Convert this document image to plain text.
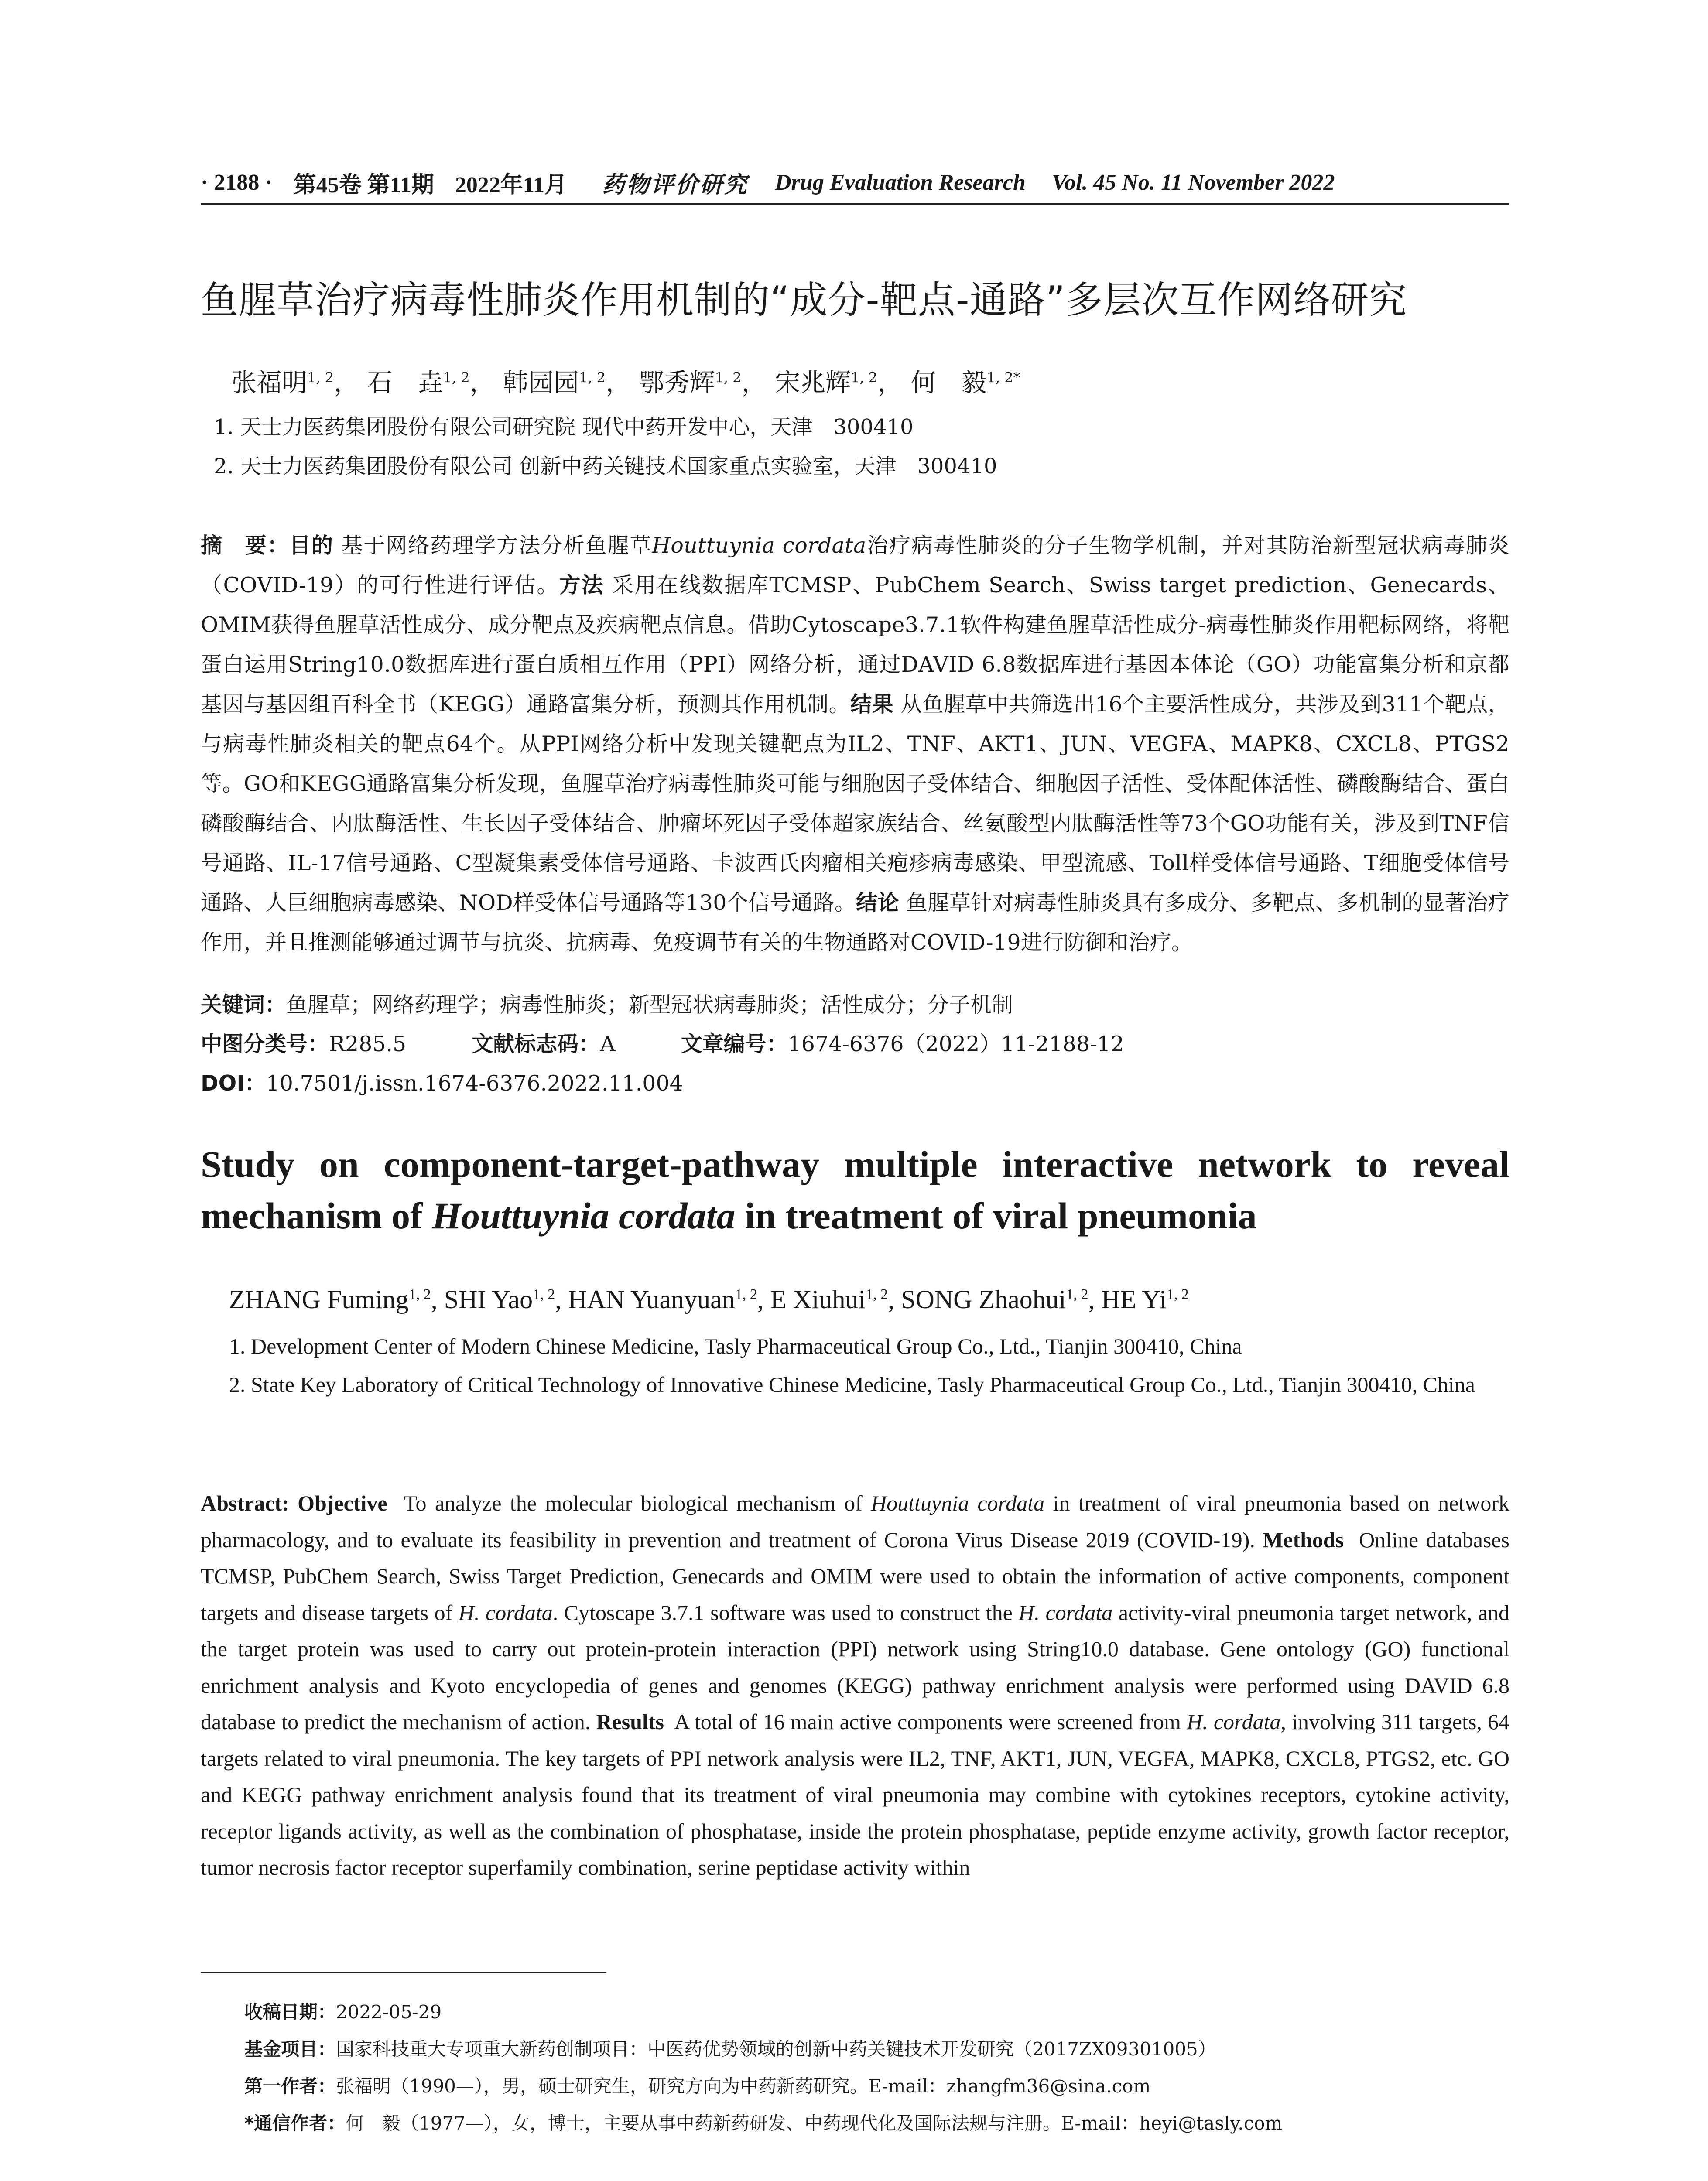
· 2188 · 第45卷 第11期 2022年11月 药物评价研究 Drug Evaluation Research Vol. 45 No. 11 November 2022
鱼腥草治疗病毒性肺炎作用机制的“成分-靶点-通路”多层次互作网络研究
张福明$^{1, 2}$， 石　垚$^{1, 2}$， 韩园园$^{1, 2}$， 鄂秀辉$^{1, 2}$， 宋兆辉$^{1, 2}$， 何　毅$^{1, 2*}$
1. 天士力医药集团股份有限公司研究院 现代中药开发中心，天津　300410
2. 天士力医药集团股份有限公司 创新中药关键技术国家重点实验室，天津　300410
摘　要：目的 基于网络药理学方法分析鱼腥草Houttuynia cordata治疗病毒性肺炎的分子生物学机制，并对其防治新型冠状病毒肺炎（COVID-19）的可行性进行评估。方法 采用在线数据库TCMSP、PubChem Search、Swiss target prediction、Genecards、OMIM获得鱼腥草活性成分、成分靶点及疾病靶点信息。借助Cytoscape3.7.1软件构建鱼腥草活性成分-病毒性肺炎作用靶标网络，将靶蛋白运用String10.0数据库进行蛋白质相互作用（PPI）网络分析，通过DAVID 6.8数据库进行基因本体论（GO）功能富集分析和京都基因与基因组百科全书（KEGG）通路富集分析，预测其作用机制。结果 从鱼腥草中共筛选出16个主要活性成分，共涉及到311个靶点，与病毒性肺炎相关的靶点64个。从PPI网络分析中发现关键靶点为IL2、TNF、AKT1、JUN、VEGFA、MAPK8、CXCL8、PTGS2等。GO和KEGG通路富集分析发现，鱼腥草治疗病毒性肺炎可能与细胞因子受体结合、细胞因子活性、受体配体活性、磷酸酶结合、蛋白磷酸酶结合、内肽酶活性、生长因子受体结合、肿瘤坏死因子受体超家族结合、丝氨酸型内肽酶活性等73个GO功能有关，涉及到TNF信号通路、IL-17信号通路、C型凝集素受体信号通路、卡波西氏肉瘤相关疱疹病毒感染、甲型流感、Toll样受体信号通路、T细胞受体信号通路、人巨细胞病毒感染、NOD样受体信号通路等130个信号通路。结论 鱼腥草针对病毒性肺炎具有多成分、多靶点、多机制的显著治疗作用，并且推测能够通过调节与抗炎、抗病毒、免疫调节有关的生物通路对COVID-19进行防御和治疗。
关键词：鱼腥草；网络药理学；病毒性肺炎；新型冠状病毒肺炎；活性成分；分子机制
中图分类号：R285.5	文献标志码：A	文章编号：1674-6376（2022）11-2188-12
DOI：10.7501/j.issn.1674-6376.2022.11.004
Study on component-target-pathway multiple interactive network to reveal
mechanism of Houttuynia cordata in treatment of viral pneumonia
ZHANG Fuming$^{1, 2}$, SHI Yao$^{1, 2}$, HAN Yuanyuan$^{1, 2}$, E Xiuhui$^{1, 2}$, SONG Zhaohui$^{1, 2}$, HE Yi$^{1, 2}$
1. Development Center of Modern Chinese Medicine, Tasly Pharmaceutical Group Co., Ltd., Tianjin 300410, China
2. State Key Laboratory of Critical Technology of Innovative Chinese Medicine, Tasly Pharmaceutical Group Co., Ltd., Tianjin 300410, China
Abstract: Objective To analyze the molecular biological mechanism of Houttuynia cordata in treatment of viral pneumonia based on network pharmacology, and to evaluate its feasibility in prevention and treatment of Corona Virus Disease 2019 (COVID-19). Methods Online databases TCMSP, PubChem Search, Swiss Target Prediction, Genecards and OMIM were used to obtain the information of active components, component targets and disease targets of H. cordata. Cytoscape 3.7.1 software was used to construct the H. cordata activity-viral pneumonia target network, and the target protein was used to carry out protein-protein interaction (PPI) network using String10.0 database. Gene ontology (GO) functional enrichment analysis and Kyoto encyclopedia of genes and genomes (KEGG) pathway enrichment analysis were performed using DAVID 6.8 database to predict the mechanism of action. Results A total of 16 main active components were screened from H. cordata, involving 311 targets, 64 targets related to viral pneumonia. The key targets of PPI network analysis were IL2, TNF, AKT1, JUN, VEGFA, MAPK8, CXCL8, PTGS2, etc. GO and KEGG pathway enrichment analysis found that its treatment of viral pneumonia may combine with cytokines receptors, cytokine activity, receptor ligands activity, as well as the combination of phosphatase, inside the protein phosphatase, peptide enzyme activity, growth factor receptor, tumor necrosis factor receptor superfamily combination, serine peptidase activity within
收稿日期：2022-05-29
基金项目：国家科技重大专项重大新药创制项目：中医药优势领域的创新中药关键技术开发研究（2017ZX09301005）
第一作者：张福明（1990—），男，硕士研究生，研究方向为中药新药研究。E-mail：zhangfm36@sina.com
*通信作者：何　毅（1977—），女，博士，主要从事中药新药研发、中药现代化及国际法规与注册。E-mail：heyi@tasly.com
